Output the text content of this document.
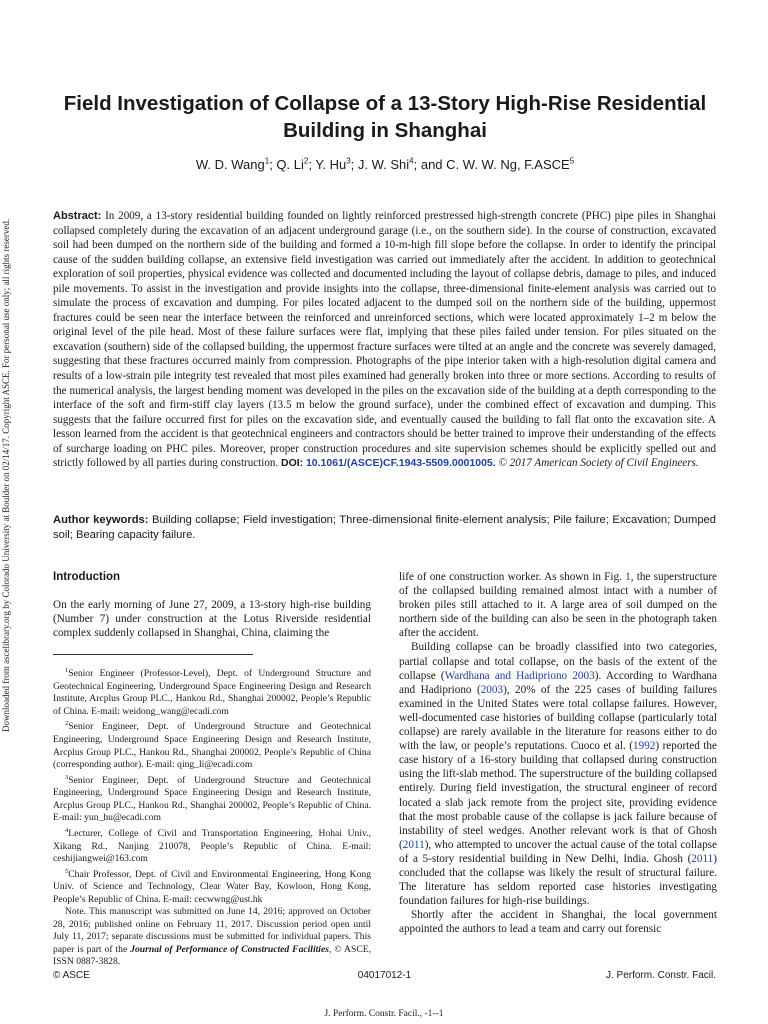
Downloaded from ascelibrary.org by Colorado University at Boulder on 02/14/17. Copyright ASCE. For personal use only; all rights reserved.
Field Investigation of Collapse of a 13-Story High-Rise Residential Building in Shanghai
W. D. Wang$^1$; Q. Li$^2$; Y. Hu$^3$; J. W. Shi$^4$; and C. W. W. Ng, F.ASCE$^5$

Abstract: In 2009, a 13-story residential building founded on lightly reinforced prestressed high-strength concrete (PHC) pipe piles in Shanghai collapsed completely during the excavation of an adjacent underground garage (i.e., on the southern side). In the course of construction, excavated soil had been dumped on the northern side of the building and formed a 10-m-high fill slope before the collapse. In order to identify the principal cause of the sudden building collapse, an extensive field investigation was carried out immediately after the accident. In addition to geotechnical exploration of soil properties, physical evidence was collected and documented including the layout of collapse debris, damage to piles, and induced pile movements. To assist in the investigation and provide insights into the collapse, three-dimensional finite-element analysis was carried out to simulate the process of excavation and dumping. For piles located adjacent to the dumped soil on the northern side of the building, uppermost fractures could be seen near the interface between the reinforced and unreinforced sections, which were located approximately 1–2 m below the original level of the pile head. Most of these failure surfaces were flat, implying that these piles failed under tension. For piles situated on the excavation (southern) side of the collapsed building, the uppermost fracture surfaces were tilted at an angle and the concrete was severely damaged, suggesting that these fractures occurred mainly from compression. Photographs of the pipe interior taken with a high-resolution digital camera and results of a low-strain pile integrity test revealed that most piles examined had generally broken into three or more sections. According to results of the numerical analysis, the largest bending moment was developed in the piles on the excavation side of the building at a depth corresponding to the interface of the soft and firm-stiff clay layers (13.5 m below the ground surface), under the combined effect of excavation and dumping. This suggests that the failure occurred first for piles on the excavation side, and eventually caused the building to fall flat onto the excavation site. A lesson learned from the accident is that geotechnical engineers and contractors should be better trained to improve their understanding of the effects of surcharge loading on PHC piles. Moreover, proper construction procedures and site supervision schemes should be explicitly spelled out and strictly followed by all parties during construction. DOI: 10.1061/(ASCE)CF.1943-5509.0001005. © 2017 American Society of Civil Engineers.

Author keywords: Building collapse; Field investigation; Three-dimensional finite-element analysis; Pile failure; Excavation; Dumped soil; Bearing capacity failure.

Introduction

On the early morning of June 27, 2009, a 13-story high-rise building (Number 7) under construction at the Lotus Riverside residential complex suddenly collapsed in Shanghai, China, claiming the

$^1$Senior Engineer (Professor-Level), Dept. of Underground Structure and Geotechnical Engineering, Underground Space Engineering Design and Research Institute, Arcplus Group PLC., Hankou Rd., Shanghai 200002, People’s Republic of China. E-mail: weidong_wang@ecadi.com

$^2$Senior Engineer, Dept. of Underground Structure and Geotechnical Engineering, Underground Space Engineering Design and Research Institute, Arcplus Group PLC., Hankou Rd., Shanghai 200002, People’s Republic of China (corresponding author). E-mail: qing_li@ecadi.com

$^3$Senior Engineer, Dept. of Underground Structure and Geotechnical Engineering, Underground Space Engineering Design and Research Institute, Arcplus Group PLC., Hankou Rd., Shanghai 200002, People’s Republic of China. E-mail: yun_hu@ecadi.com

$^4$Lecturer, College of Civil and Transportation Engineering, Hohai Univ., Xikang Rd., Nanjing 210078, People’s Republic of China. E-mail: ceshijiangwei@163.com

$^5$Chair Professor, Dept. of Civil and Environmental Engineering, Hong Kong Univ. of Science and Technology, Clear Water Bay, Kowloon, Hong Kong, People’s Republic of China. E-mail: cecwwng@ust.hk

Note. This manuscript was submitted on June 14, 2016; approved on October 28, 2016; published online on February 11, 2017. Discussion period open until July 11, 2017; separate discussions must be submitted for individual papers. This paper is part of the Journal of Performance of Constructed Facilities, © ASCE, ISSN 0887-3828.

life of one construction worker. As shown in Fig. 1, the superstructure of the collapsed building remained almost intact with a number of broken piles still attached to it. A large area of soil dumped on the northern side of the building can also be seen in the photograph taken after the accident.

Building collapse can be broadly classified into two categories, partial collapse and total collapse, on the basis of the extent of the collapse (Wardhana and Hadipriono 2003). According to Wardhana and Hadipriono (2003), 20% of the 225 cases of building failures examined in the United States were total collapse failures. However, well-documented case histories of building collapse (particularly total collapse) are rarely available in the literature for reasons either to do with the law, or people’s reputations. Cuoco et al. (1992) reported the case history of a 16-story building that collapsed during construction using the lift-slab method. The superstructure of the building collapsed entirely. During field investigation, the structural engineer of record located a slab jack remote from the project site, providing evidence that the most probable cause of the collapse is jack failure because of instability of steel wedges. Another relevant work is that of Ghosh (2011), who attempted to uncover the actual cause of the total collapse of a 5-story residential building in New Delhi, India. Ghosh (2011) concluded that the collapse was likely the result of structural failure. The literature has seldom reported case histories investigating foundation failures for high-rise buildings.

Shortly after the accident in Shanghai, the local government appointed the authors to lead a team and carry out forensic

© ASCE	04017012-1	J. Perform. Constr. Facil.
J. Perform. Constr. Facil., -1--1
